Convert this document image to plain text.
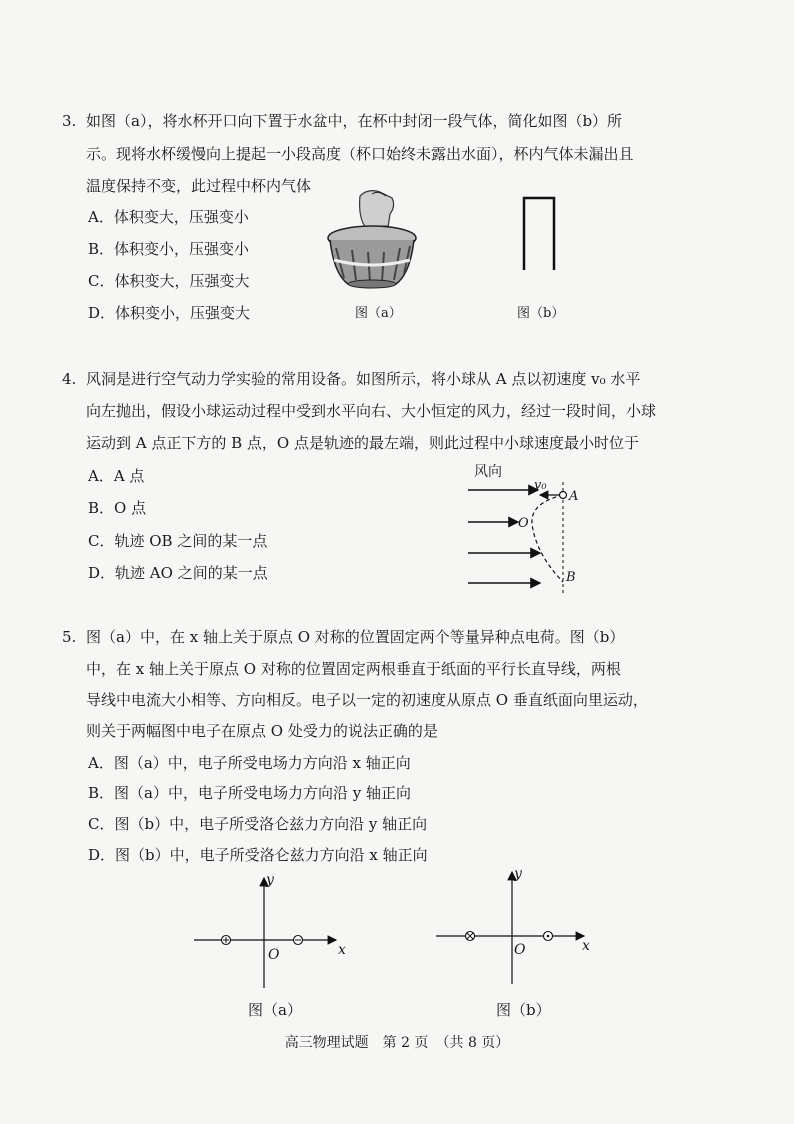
3. 如图（a），将水杯开口向下置于水盆中，在杯中封闭一段气体，简化如图（b）所
示。现将水杯缓慢向上提起一小段高度（杯口始终未露出水面），杯内气体未漏出且
温度保持不变，此过程中杯内气体
A．体积变大，压强变小
B．体积变小，压强变小
C．体积变大，压强变大
D．体积变小，压强变大	图（a）	图（b）
4. 风洞是进行空气动力学实验的常用设备。如图所示，将小球从 A 点以初速度 v₀ 水平
向左抛出，假设小球运动过程中受到水平向右、大小恒定的风力，经过一段时间，小球
运动到 A 点正下方的 B 点，O 点是轨迹的最左端，则此过程中小球速度最小时位于
A．A 点
B．O 点
C．轨迹 OB 之间的某一点
D．轨迹 AO 之间的某一点
风向
v₀
A
O
B
5. 图（a）中，在 x 轴上关于原点 O 对称的位置固定两个等量异种点电荷。图（b）
中，在 x 轴上关于原点 O 对称的位置固定两根垂直于纸面的平行长直导线，两根
导线中电流大小相等、方向相反。电子以一定的初速度从原点 O 垂直纸面向里运动，
则关于两幅图中电子在原点 O 处受力的说法正确的是
A．图（a）中，电子所受电场力方向沿 x 轴正向
B．图（a）中，电子所受电场力方向沿 y 轴正向
C．图（b）中，电子所受洛仑兹力方向沿 y 轴正向
D．图（b）中，电子所受洛仑兹力方向沿 x 轴正向
y
x
O
图（a）
y
x
O
图（b）
高三物理试题　第 2 页　（共 8 页）
